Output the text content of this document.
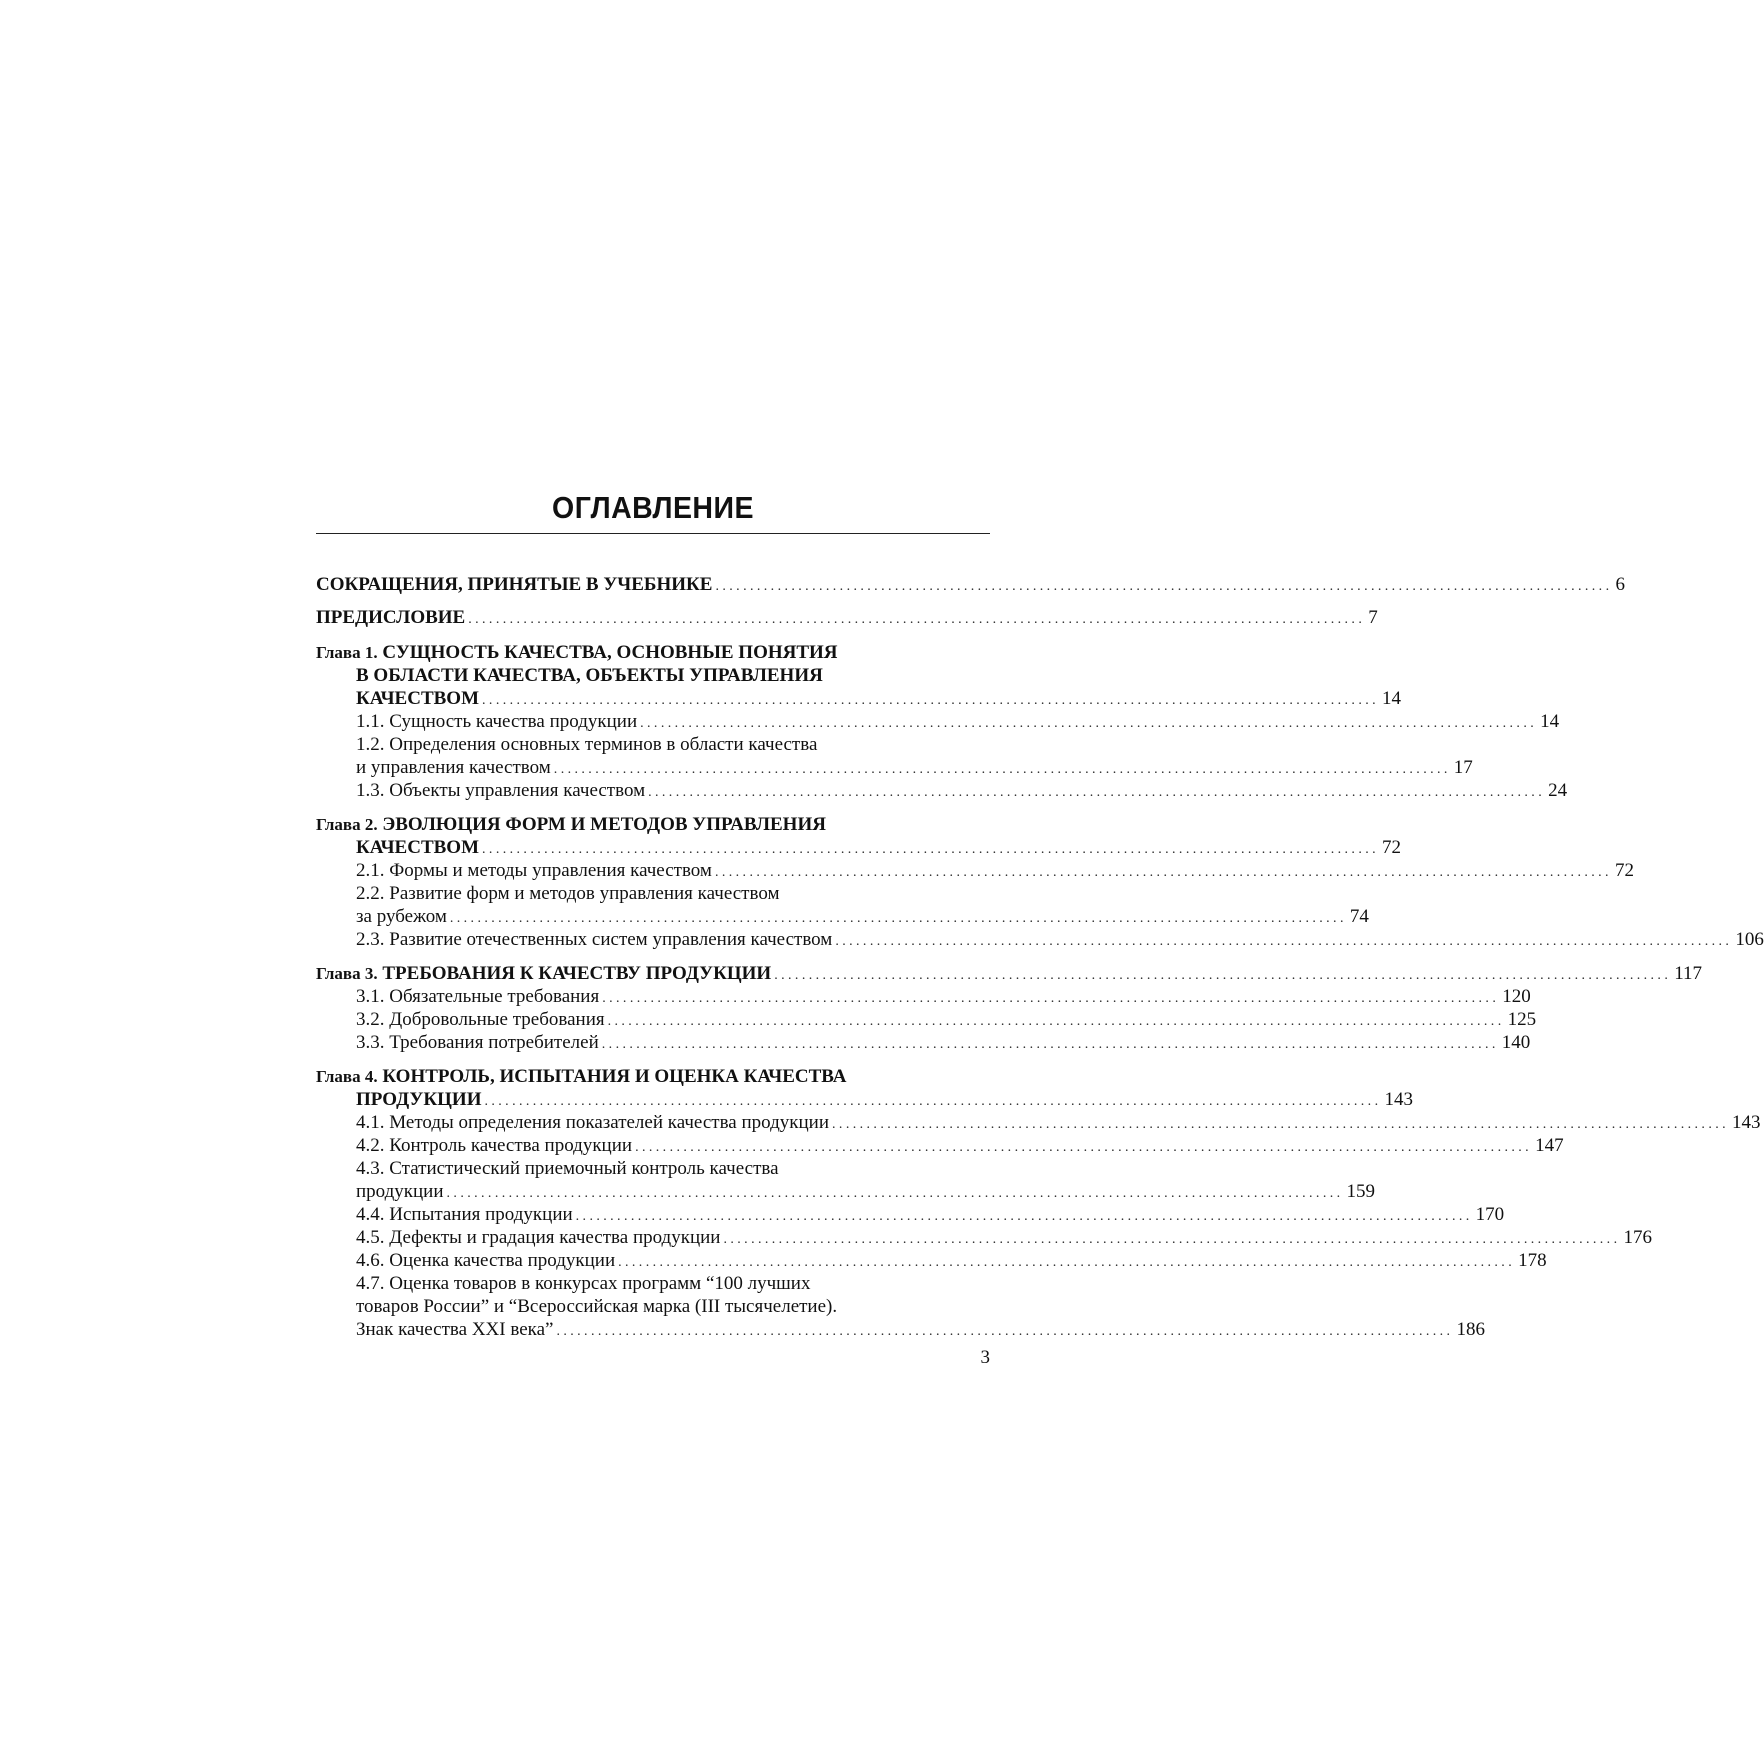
ОГЛАВЛЕНИЕ
СОКРАЩЕНИЯ, ПРИНЯТЫЕ В УЧЕБНИКЕ .................................................................................................................................. 6
ПРЕДИСЛОВИЕ .................................................................................................................................. 7
Глава 1. СУЩНОСТЬ КАЧЕСТВА, ОСНОВНЫЕ ПОНЯТИЯ
В ОБЛАСТИ КАЧЕСТВА, ОБЪЕКТЫ УПРАВЛЕНИЯ
КАЧЕСТВОМ .................................................................................................................................. 14
1.1. Сущность качества продукции .................................................................................................................................. 14
1.2. Определения основных терминов в области качества
и управления качеством .................................................................................................................................. 17
1.3. Объекты управления качеством .................................................................................................................................. 24
Глава 2. ЭВОЛЮЦИЯ ФОРМ И МЕТОДОВ УПРАВЛЕНИЯ
КАЧЕСТВОМ .................................................................................................................................. 72
2.1. Формы и методы управления качеством .................................................................................................................................. 72
2.2. Развитие форм и методов управления качеством
за рубежом .................................................................................................................................. 74
2.3. Развитие отечественных систем управления качеством .................................................................................................................................. 106
Глава 3. ТРЕБОВАНИЯ К КАЧЕСТВУ ПРОДУКЦИИ .................................................................................................................................. 117
3.1. Обязательные требования .................................................................................................................................. 120
3.2. Добровольные требования .................................................................................................................................. 125
3.3. Требования потребителей .................................................................................................................................. 140
Глава 4. КОНТРОЛЬ, ИСПЫТАНИЯ И ОЦЕНКА КАЧЕСТВА
ПРОДУКЦИИ .................................................................................................................................. 143
4.1. Методы определения показателей качества продукции .................................................................................................................................. 143
4.2. Контроль качества продукции .................................................................................................................................. 147
4.3. Статистический приемочный контроль качества
продукции .................................................................................................................................. 159
4.4. Испытания продукции .................................................................................................................................. 170
4.5. Дефекты и градация качества продукции .................................................................................................................................. 176
4.6. Оценка качества продукции .................................................................................................................................. 178
4.7. Оценка товаров в конкурсах программ “100 лучших
товаров России” и “Всероссийская марка (III тысячелетие).
Знак качества XXI века” .................................................................................................................................. 186
3
